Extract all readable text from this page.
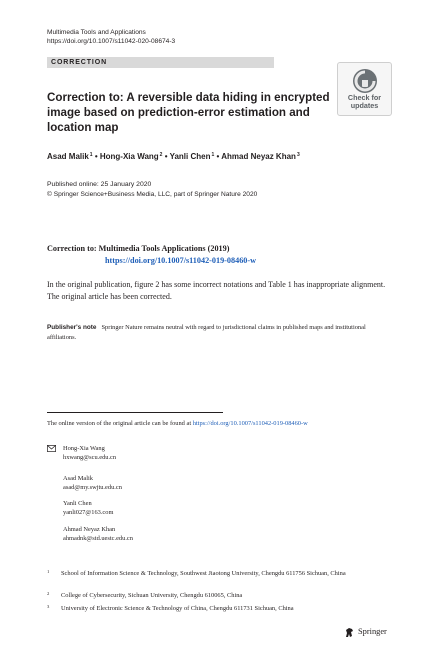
Multimedia Tools and Applications
https://doi.org/10.1007/s11042-020-08674-3
CORRECTION
Check for
updates
Correction to: A reversible data hiding in encrypted image based on prediction-error estimation and location map
Asad Malik$^1$ • Hong-Xia Wang$^2$ • Yanli Chen$^1$ • Ahmad Neyaz Khan$^3$
Published online: 25 January 2020
© Springer Science+Business Media, LLC, part of Springer Nature 2020
Correction to: Multimedia Tools Applications (2019)
https://doi.org/10.1007/s11042-019-08460-w
In the original publication, figure 2 has some incorrect notations and Table 1 has inappropriate alignment. The original article has been corrected.
Publisher's note Springer Nature remains neutral with regard to jurisdictional claims in published maps and institutional affiliations.
The online version of the original article can be found at https://doi.org/10.1007/s11042-019-08460-w
Hong-Xia Wang
hxwang@scu.edu.cn
Asad Malik
asad@my.swjtu.edu.cn
Yanli Chen
yanli027@163.com
Ahmad Neyaz Khan
ahmadnk@std.uestc.edu.cn
1 School of Information Science & Technology, Southwest Jiaotong University, Chengdu 611756 Sichuan, China
2 College of Cybersecurity, Sichuan University, Chengdu 610065, China
3 University of Electronic Science & Technology of China, Chengdu 611731 Sichuan, China
Springer
